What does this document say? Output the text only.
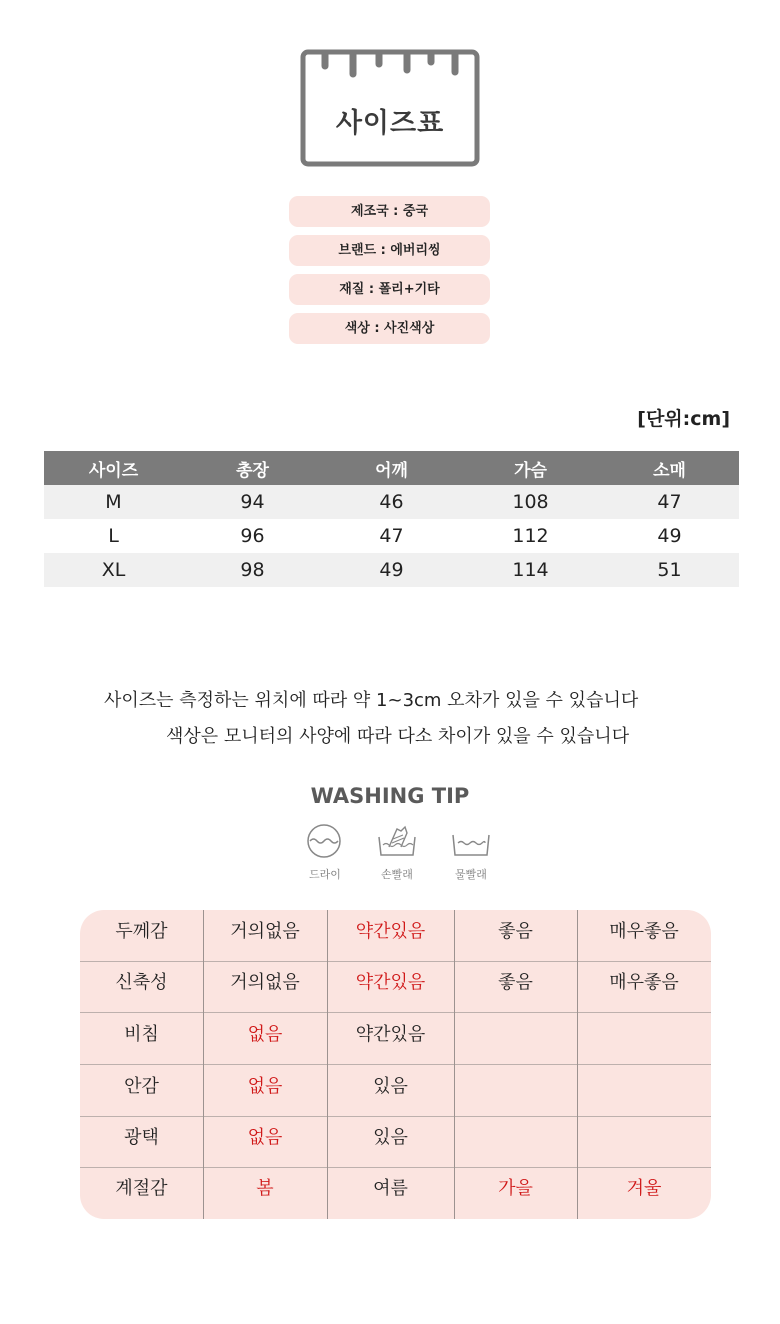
사이즈표
제조국 : 중국
브랜드 : 에버리씽
재질 : 폴리+기타
색상 : 사진색상
[단위:cm]
사이즈	총장	어깨	가슴	소매
M	94	46	108	47
L	96	47	112	49
XL	98	49	114	51
사이즈는 측정하는 위치에 따라 약 1~3cm 오차가 있을 수 있습니다
색상은 모니터의 사양에 따라 다소 차이가 있을 수 있습니다
WASHING TIP
드라이	손빨래	물빨래
두께감	거의없음	약간있음	좋음	매우좋음
신축성	거의없음	약간있음	좋음	매우좋음
비침	없음	약간있음
안감	없음	있음
광택	없음	있음
계절감	봄	여름	가을	겨울
